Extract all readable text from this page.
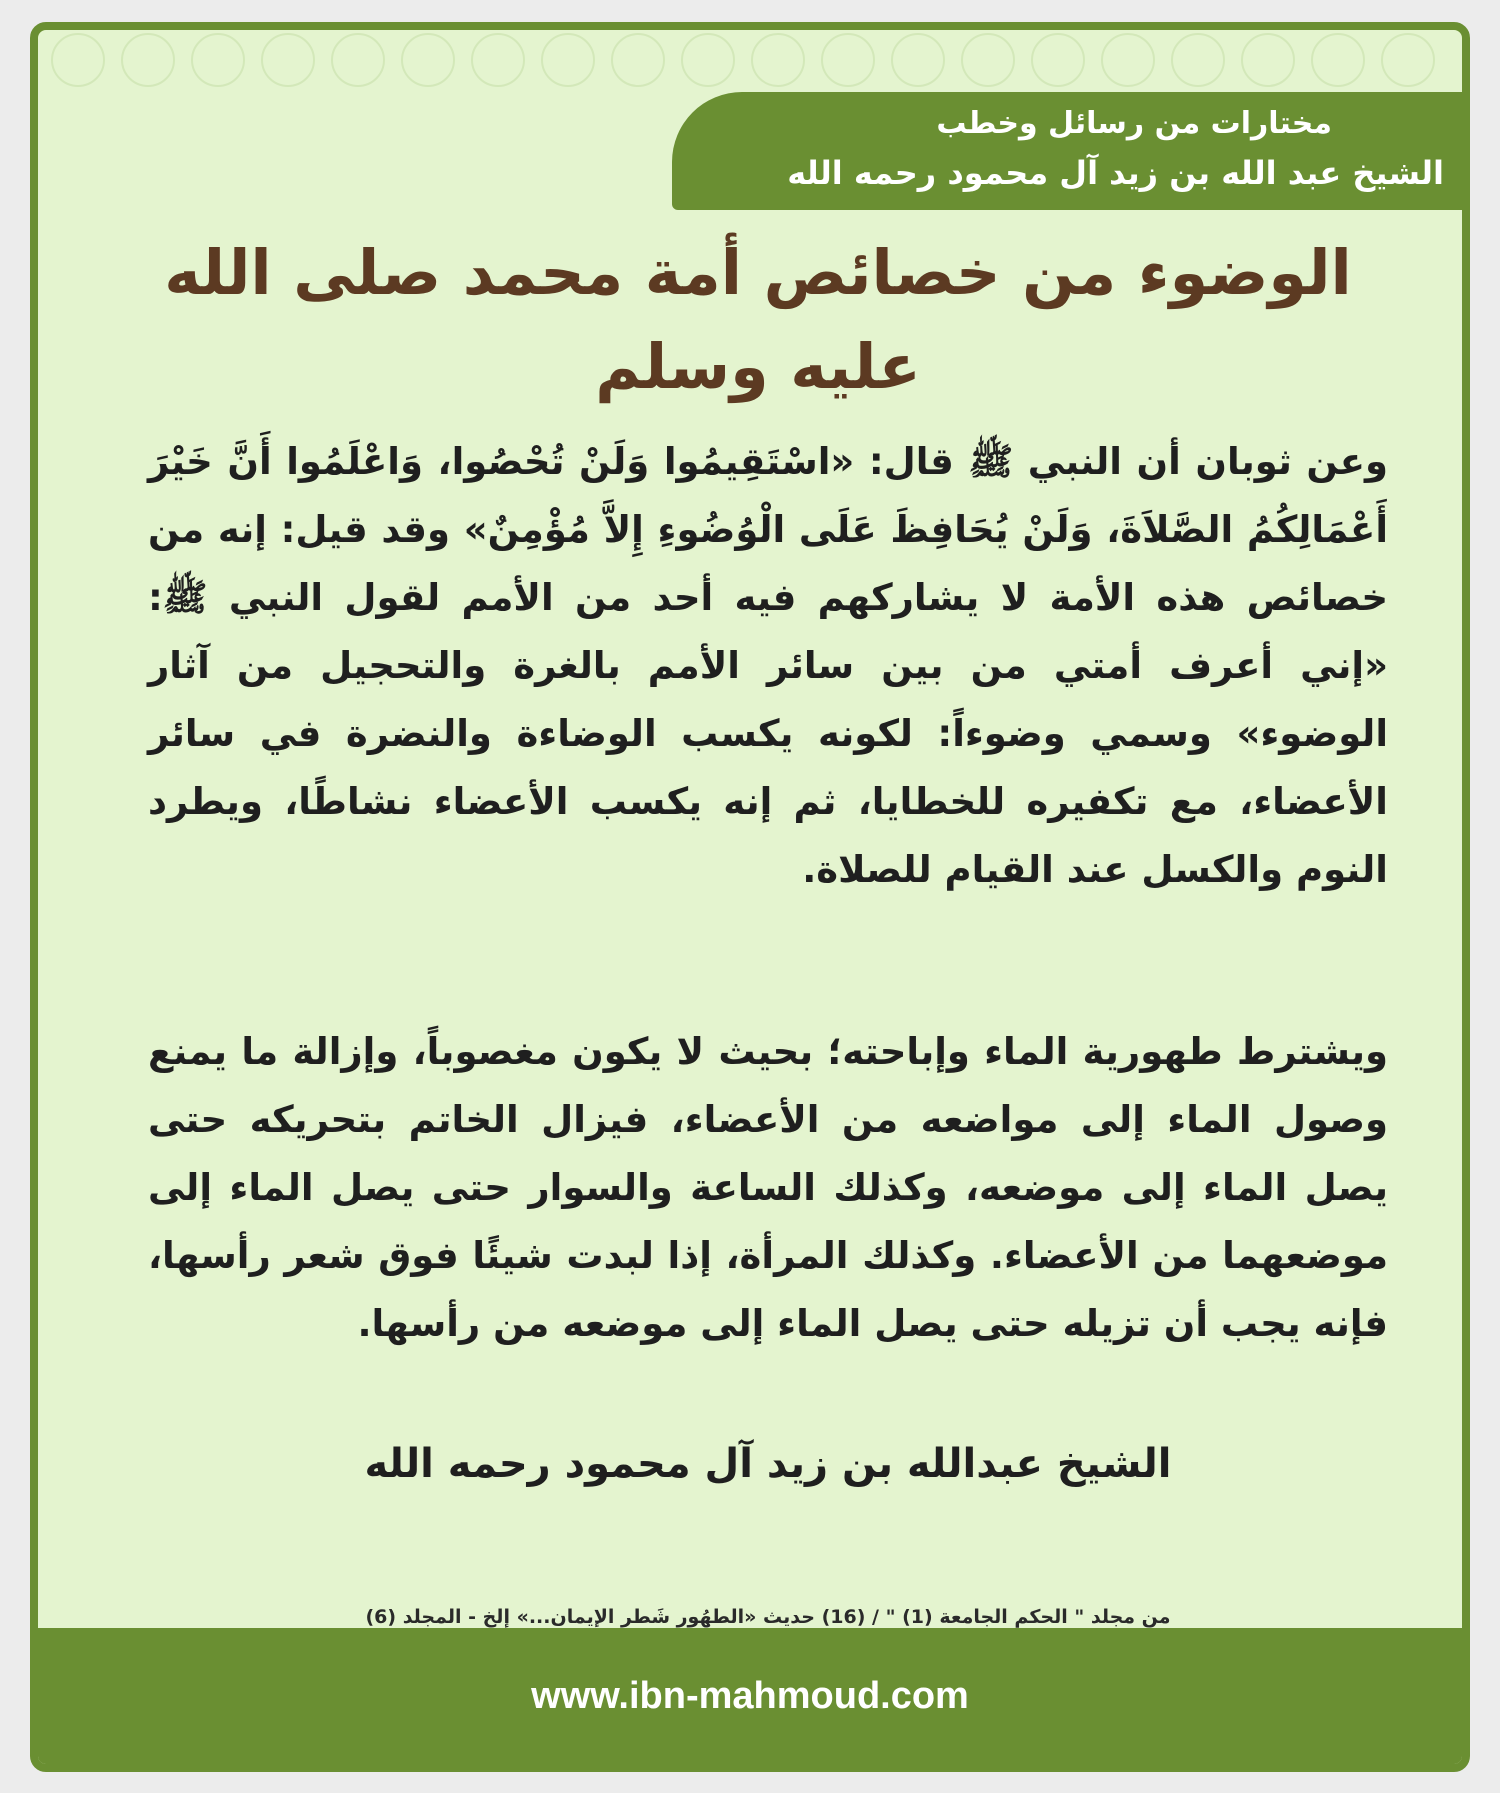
مختارات من رسائل وخطب
الشيخ عبد الله بن زيد آل محمود رحمه الله
الوضوء من خصائص أمة محمد صلى الله عليه وسلم
وعن ثوبان أن النبي ﷺ قال: «اسْتَقِيمُوا وَلَنْ تُحْصُوا، وَاعْلَمُوا أَنَّ خَيْرَ أَعْمَالِكُمُ الصَّلاَةَ، وَلَنْ يُحَافِظَ عَلَى الْوُضُوءِ إِلاَّ مُؤْمِنٌ» وقد قيل: إنه من خصائص هذه الأمة لا يشاركهم فيه أحد من الأمم لقول النبي ﷺ: «إني أعرف أمتي من بين سائر الأمم بالغرة والتحجيل من آثار الوضوء» وسمي وضوءاً: لكونه يكسب الوضاءة والنضرة في سائر الأعضاء، مع تكفيره للخطايا، ثم إنه يكسب الأعضاء نشاطًا، ويطرد النوم والكسل عند القيام للصلاة.
ويشترط طهورية الماء وإباحته؛ بحيث لا يكون مغصوباً، وإزالة ما يمنع وصول الماء إلى مواضعه من الأعضاء، فيزال الخاتم بتحريكه حتى يصل الماء إلى موضعه، وكذلك الساعة والسوار حتى يصل الماء إلى موضعهما من الأعضاء. وكذلك المرأة، إذا لبدت شيئًا فوق شعر رأسها، فإنه يجب أن تزيله حتى يصل الماء إلى موضعه من رأسها.
الشيخ عبدالله بن زيد آل محمود رحمه الله
من مجلد " الحكم الجامعة (1) " / (16) حديث «الطهُور شَطر الإيمان...» إلخ - المجلد (6)
www.ibn-mahmoud.com
